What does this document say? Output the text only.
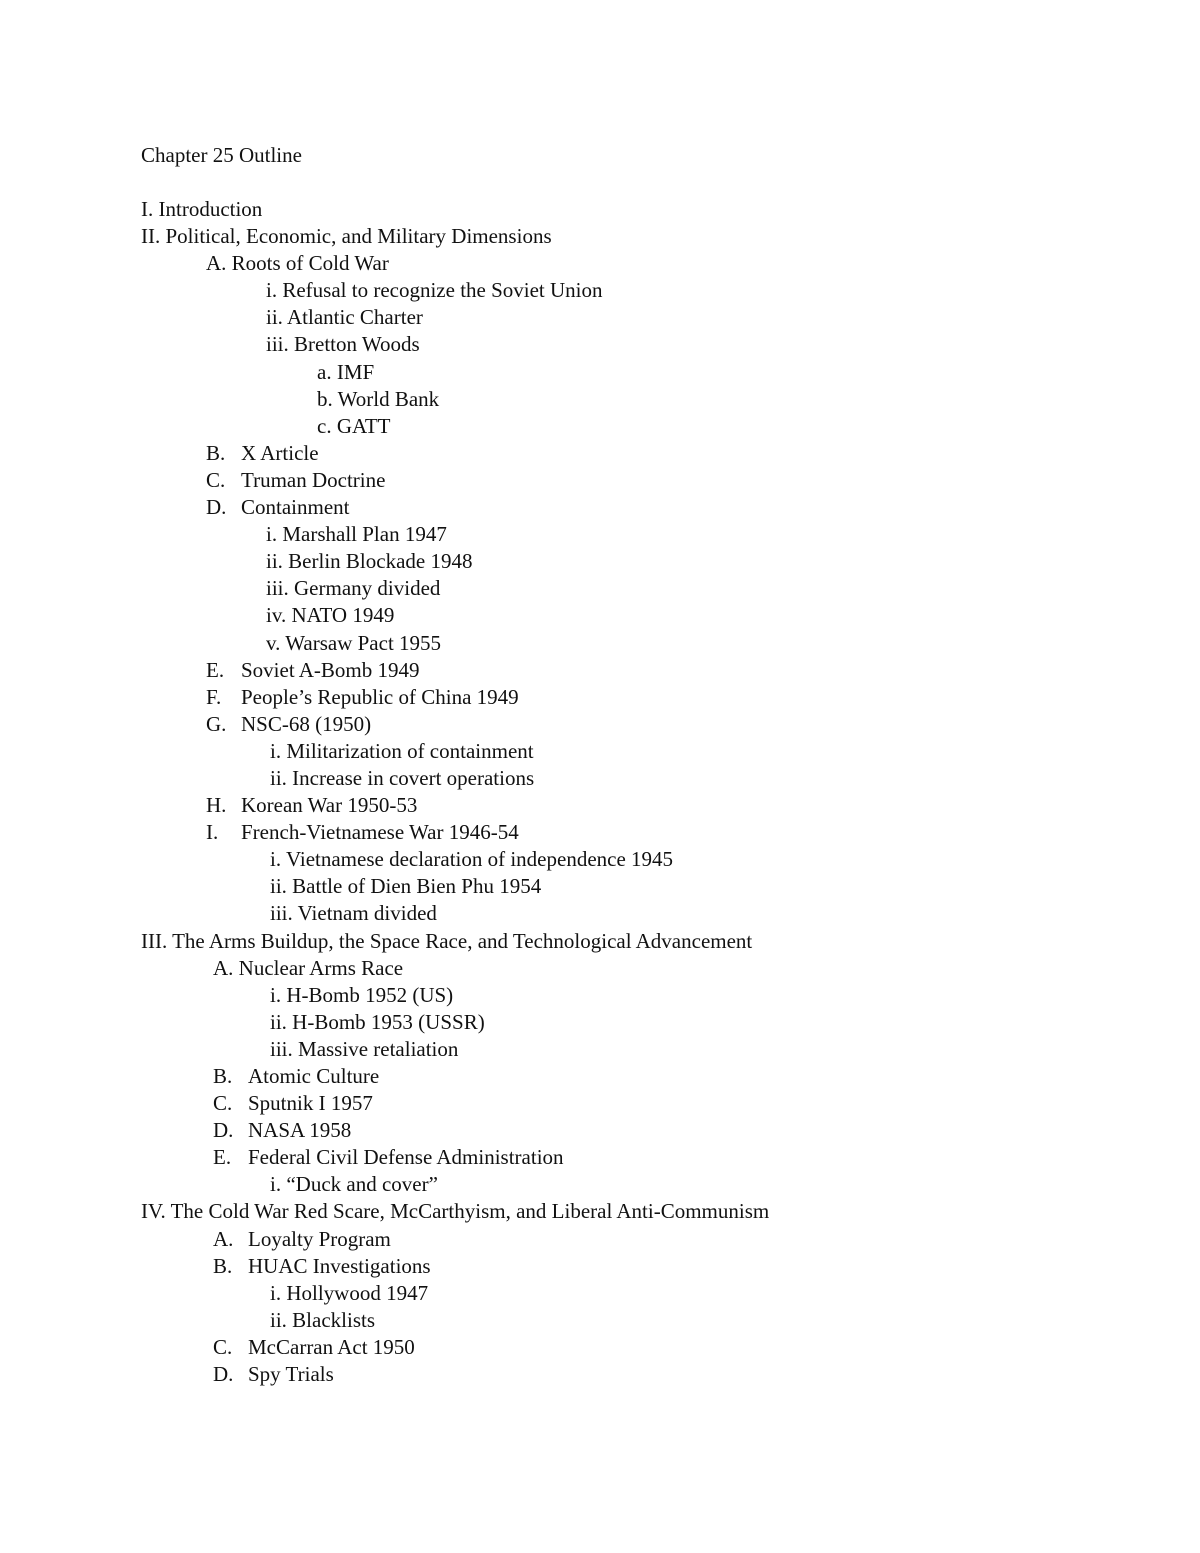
Chapter 25 Outline
I. Introduction
II. Political, Economic, and Military Dimensions
A. Roots of Cold War
i. Refusal to recognize the Soviet Union
ii. Atlantic Charter
iii. Bretton Woods
a. IMF
b. World Bank
c. GATT
B. X Article
C. Truman Doctrine
D. Containment
i. Marshall Plan 1947
ii. Berlin Blockade 1948
iii. Germany divided
iv. NATO 1949
v. Warsaw Pact 1955
E. Soviet A-Bomb 1949
F. People’s Republic of China 1949
G. NSC-68 (1950)
i. Militarization of containment
ii. Increase in covert operations
H. Korean War 1950-53
I. French-Vietnamese War 1946-54
i. Vietnamese declaration of independence 1945
ii. Battle of Dien Bien Phu 1954
iii. Vietnam divided
III. The Arms Buildup, the Space Race, and Technological Advancement
A. Nuclear Arms Race
i. H-Bomb 1952 (US)
ii. H-Bomb 1953 (USSR)
iii. Massive retaliation
B. Atomic Culture
C. Sputnik I 1957
D. NASA 1958
E. Federal Civil Defense Administration
i. “Duck and cover”
IV. The Cold War Red Scare, McCarthyism, and Liberal Anti-Communism
A. Loyalty Program
B. HUAC Investigations
i. Hollywood 1947
ii. Blacklists
C. McCarran Act 1950
D. Spy Trials
